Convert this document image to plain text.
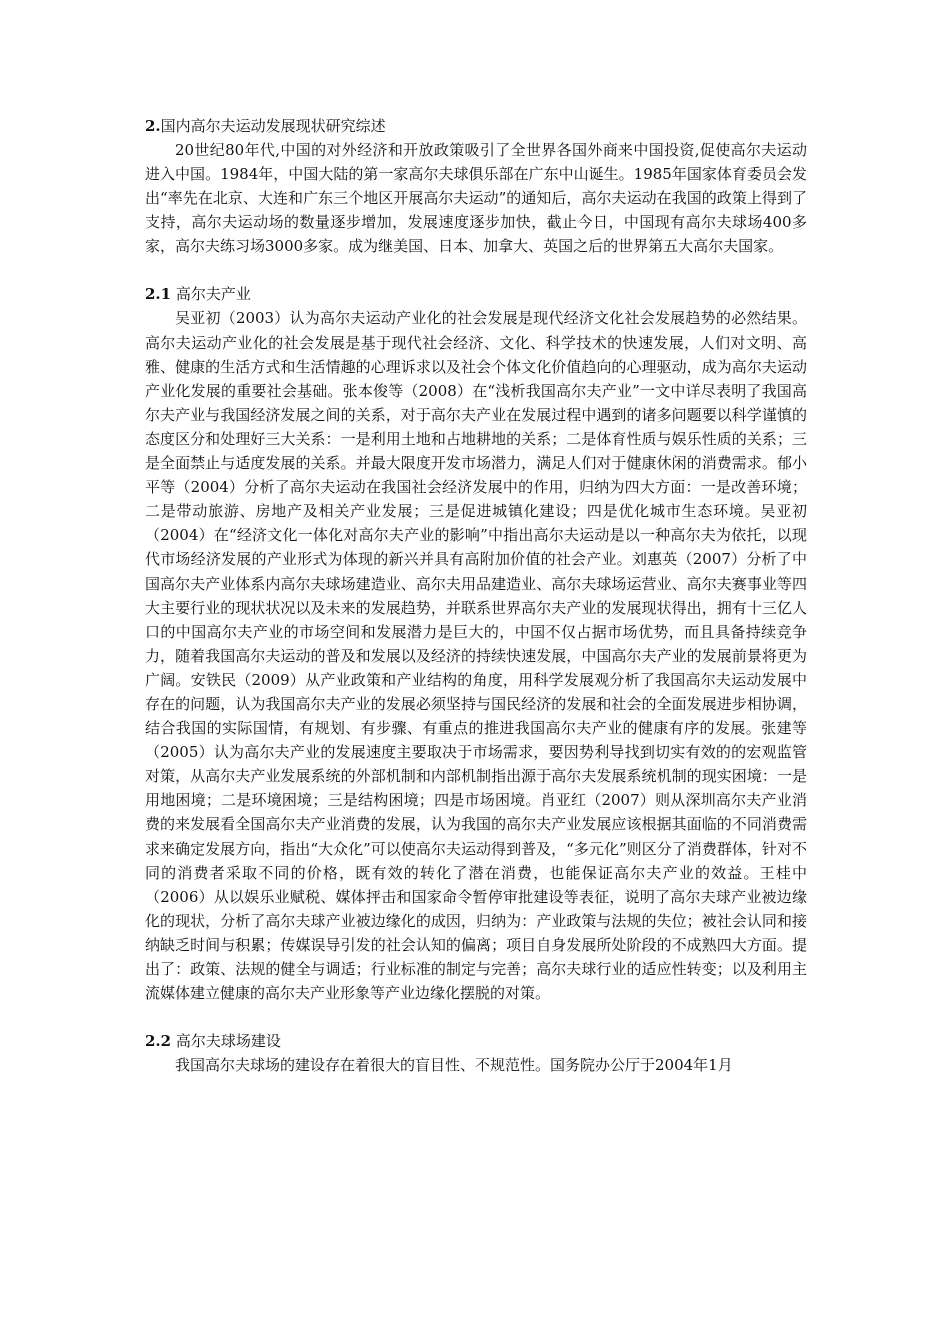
2.国内高尔夫运动发展现状研究综述

20世纪80年代,中国的对外经济和开放政策吸引了全世界各国外商来中国投资,促使高尔夫运动进入中国。1984年，中国大陆的第一家高尔夫球俱乐部在广东中山诞生。1985年国家体育委员会发出“率先在北京、大连和广东三个地区开展高尔夫运动”的通知后，高尔夫运动在我国的政策上得到了支持，高尔夫运动场的数量逐步增加，发展速度逐步加快，截止今日，中国现有高尔夫球场400多家，高尔夫练习场3000多家。成为继美国、日本、加拿大、英国之后的世界第五大高尔夫国家。

2.1 高尔夫产业

吴亚初（2003）认为高尔夫运动产业化的社会发展是现代经济文化社会发展趋势的必然结果。高尔夫运动产业化的社会发展是基于现代社会经济、文化、科学技术的快速发展，人们对文明、高雅、健康的生活方式和生活情趣的心理诉求以及社会个体文化价值趋向的心理驱动，成为高尔夫运动产业化发展的重要社会基础。张本俊等（2008）在“浅析我国高尔夫产业”一文中详尽表明了我国高尔夫产业与我国经济发展之间的关系，对于高尔夫产业在发展过程中遇到的诸多问题要以科学谨慎的态度区分和处理好三大关系：一是利用土地和占地耕地的关系；二是体育性质与娱乐性质的关系；三是全面禁止与适度发展的关系。并最大限度开发市场潜力，满足人们对于健康休闲的消费需求。郁小平等（2004）分析了高尔夫运动在我国社会经济发展中的作用，归纳为四大方面：一是改善环境；二是带动旅游、房地产及相关产业发展；三是促进城镇化建设；四是优化城市生态环境。吴亚初（2004）在“经济文化一体化对高尔夫产业的影响”中指出高尔夫运动是以一种高尔夫为依托，以现代市场经济发展的产业形式为体现的新兴并具有高附加价值的社会产业。刘惠英（2007）分析了中国高尔夫产业体系内高尔夫球场建造业、高尔夫用品建造业、高尔夫球场运营业、高尔夫赛事业等四大主要行业的现状状况以及未来的发展趋势，并联系世界高尔夫产业的发展现状得出，拥有十三亿人口的中国高尔夫产业的市场空间和发展潜力是巨大的，中国不仅占据市场优势，而且具备持续竞争力，随着我国高尔夫运动的普及和发展以及经济的持续快速发展，中国高尔夫产业的发展前景将更为广阔。安铁民（2009）从产业政策和产业结构的角度，用科学发展观分析了我国高尔夫运动发展中存在的问题，认为我国高尔夫产业的发展必须坚持与国民经济的发展和社会的全面发展进步相协调，结合我国的实际国情，有规划、有步骤、有重点的推进我国高尔夫产业的健康有序的发展。张建等（2005）认为高尔夫产业的发展速度主要取决于市场需求，要因势利导找到切实有效的的宏观监管对策，从高尔夫产业发展系统的外部机制和内部机制指出源于高尔夫发展系统机制的现实困境：一是用地困境；二是环境困境；三是结构困境；四是市场困境。肖亚红（2007）则从深圳高尔夫产业消费的来发展看全国高尔夫产业消费的发展，认为我国的高尔夫产业发展应该根据其面临的不同消费需求来确定发展方向，指出“大众化”可以使高尔夫运动得到普及，“多元化”则区分了消费群体，针对不同的消费者采取不同的价格，既有效的转化了潜在消费，也能保证高尔夫产业的效益。王桂中（2006）从以娱乐业赋税、媒体抨击和国家命令暂停审批建设等表征，说明了高尔夫球产业被边缘化的现状，分析了高尔夫球产业被边缘化的成因，归纳为：产业政策与法规的失位；被社会认同和接纳缺乏时间与积累；传媒误导引发的社会认知的偏离；项目自身发展所处阶段的不成熟四大方面。提出了：政策、法规的健全与调适；行业标准的制定与完善；高尔夫球行业的适应性转变；以及利用主流媒体建立健康的高尔夫产业形象等产业边缘化摆脱的对策。

2.2 高尔夫球场建设

我国高尔夫球场的建设存在着很大的盲目性、不规范性。国务院办公厅于2004年1月
